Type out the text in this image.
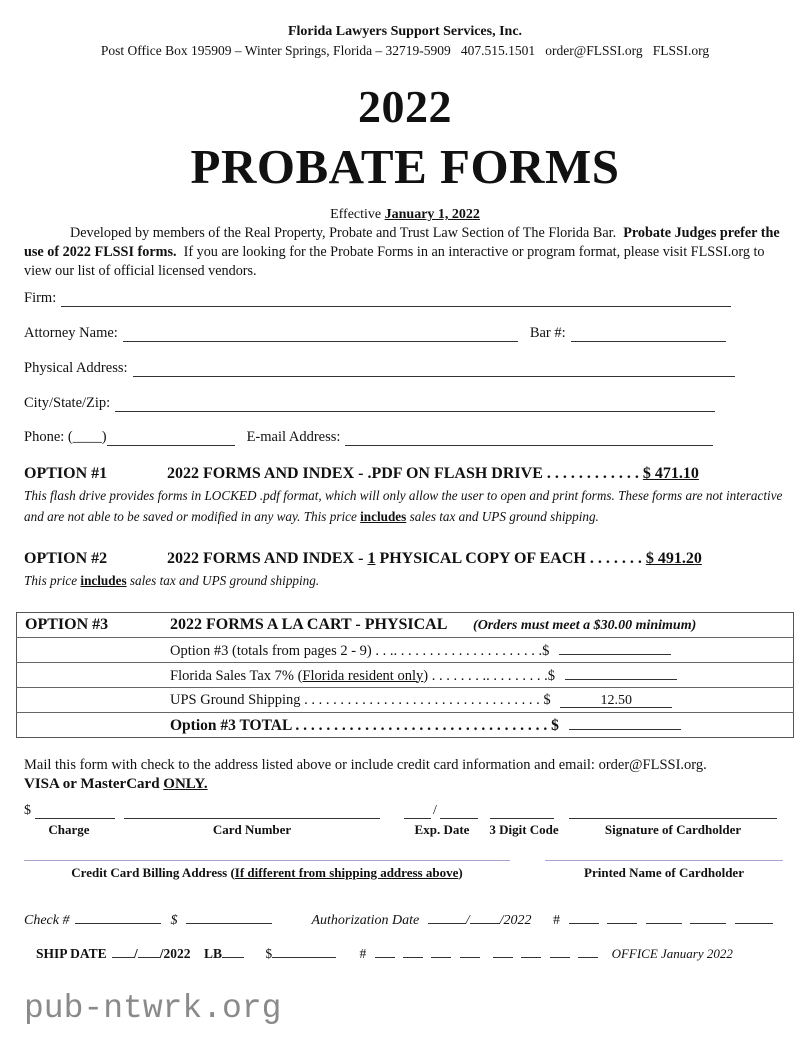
Florida Lawyers Support Services, Inc.
Post Office Box 195909 – Winter Springs, Florida – 32719-5909   407.515.1501   order@FLSSI.org   FLSSI.org
2022
PROBATE FORMS
Effective January 1, 2022
Developed by members of the Real Property, Probate and Trust Law Section of The Florida Bar. Probate Judges prefer the use of 2022 FLSSI forms. If you are looking for the Probate Forms in an interactive or program format, please visit FLSSI.org to view our list of official licensed vendors.
Firm:
Attorney Name:	Bar #:
Physical Address:
City/State/Zip:
Phone: (____)	E-mail Address:
OPTION #1	2022 FORMS AND INDEX - .PDF ON FLASH DRIVE . . . . . . . . . . . . $ 471.10
This flash drive provides forms in LOCKED .pdf format, which will only allow the user to open and print forms. These forms are not interactive and are not able to be saved or modified in any way. This price includes sales tax and UPS ground shipping.
OPTION #2	2022 FORMS AND INDEX - 1 PHYSICAL COPY OF EACH . . . . . . . $ 491.20
This price includes sales tax and UPS ground shipping.
OPTION #3	2022 FORMS A LA CART - PHYSICAL (Orders must meet a $30.00 minimum)
	Option #3 (totals from pages 2 - 9) . . .. . . . . . . . . . . . . . . . . . . . .$
	Florida Sales Tax 7% (Florida resident only) . . . . . . . .. . . . . . . . .$
	UPS Ground Shipping . . . . . . . . . . . . . . . . . . . . . . . . . . . . . . . . . $ 12.50
	Option #3 TOTAL . . . . . . . . . . . . . . . . . . . . . . . . . . . . . . . . . $
Mail this form with check to the address listed above or include credit card information and email: order@FLSSI.org.
VISA or MasterCard ONLY.
$	/
Charge	Card Number	Exp. Date	3 Digit Code	Signature of Cardholder
Credit Card Billing Address (If different from shipping address above)	Printed Name of Cardholder
Check #	$	Authorization Date	/ /2022 #
SHIP DATE / /2022 LB	$	#	OFFICE January 2022
pub-ntwrk.org
